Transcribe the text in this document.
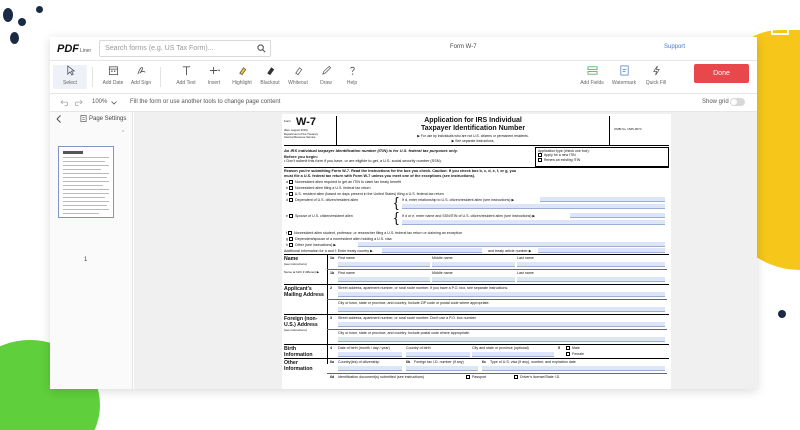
PDF Liner Search forms (e.g. US Tax Form)...	Form W-7	Support
Select	Add Date Add Sign	Add Text Insert Highlight Blackout Whiteout Draw	Help	Add Fields Watermark Quick Fill
Done
100%	Fill the form or use another tools to change page content	Show grid
Page Settings
^
1
Form W-7
(Rev. August 2019)
Department of the Treasury
Internal Revenue Service
Application for IRS Individual
Taxpayer Identification Number
▶ For use by individuals who are not U.S. citizens or permanent residents.
▶ See separate instructions.
OMB No. 1545-0074
An IRS individual taxpayer identification number (ITIN) is for U.S. federal tax purposes only.
Before you begin:
• Don't submit this form if you have, or are eligible to get, a U.S. social security number (SSN).
Application type (check one box):
Apply for a new ITIN
Renew an existing ITIN
Reason you're submitting Form W-7. Read the instructions for the box you check. Caution: If you check box b, c, d, e, f, or g, you
must file a U.S. federal tax return with Form W-7 unless you meet one of the exceptions (see instructions).
a Nonresident alien required to get an ITIN to claim tax treaty benefit
b Nonresident alien filing a U.S. federal tax return
c U.S. resident alien (based on days present in the United States) filing a U.S. federal tax return
d Dependent of U.S. citizen/resident alien	{ If d, enter relationship to U.S. citizen/resident alien (see instructions) ▶
e Spouse of U.S. citizen/resident alien	{ If d or e, enter name and SSN/ITIN of U.S. citizen/resident alien (see instructions) ▶
f Nonresident alien student, professor, or researcher filing a U.S. federal tax return or claiming an exception
g Dependent/spouse of a nonresident alien holding a U.S. visa
h Other (see instructions) ▶
Additional information for a and f: Enter treaty country ▶	and treaty article number ▶
Name
(see instructions)
1a First name	Middle name	Last name
Name at birth if different ▶	1b First name	Middle name	Last name
Applicant's Mailing Address
2 Street address, apartment number, or rural route number. If you have a P.O. box, see separate instructions.
City or town, state or province, and country. Include ZIP code or postal code where appropriate.
Foreign (non-U.S.) Address
(see instructions)
3 Street address, apartment number, or rural route number. Don't use a P.O. box number.
City or town, state or province, and country. Include postal code where appropriate.
Birth Information
4 Date of birth (month / day / year)	Country of birth	City and state or province (optional)	5	Male
Female
Other Information
6a Country(ies) of citizenship	6b Foreign tax I.D. number (if any)	6c Type of U.S. visa (if any), number, and expiration date
6d Identification document(s) submitted (see instructions)	Passport	Driver's license/State I.D.
